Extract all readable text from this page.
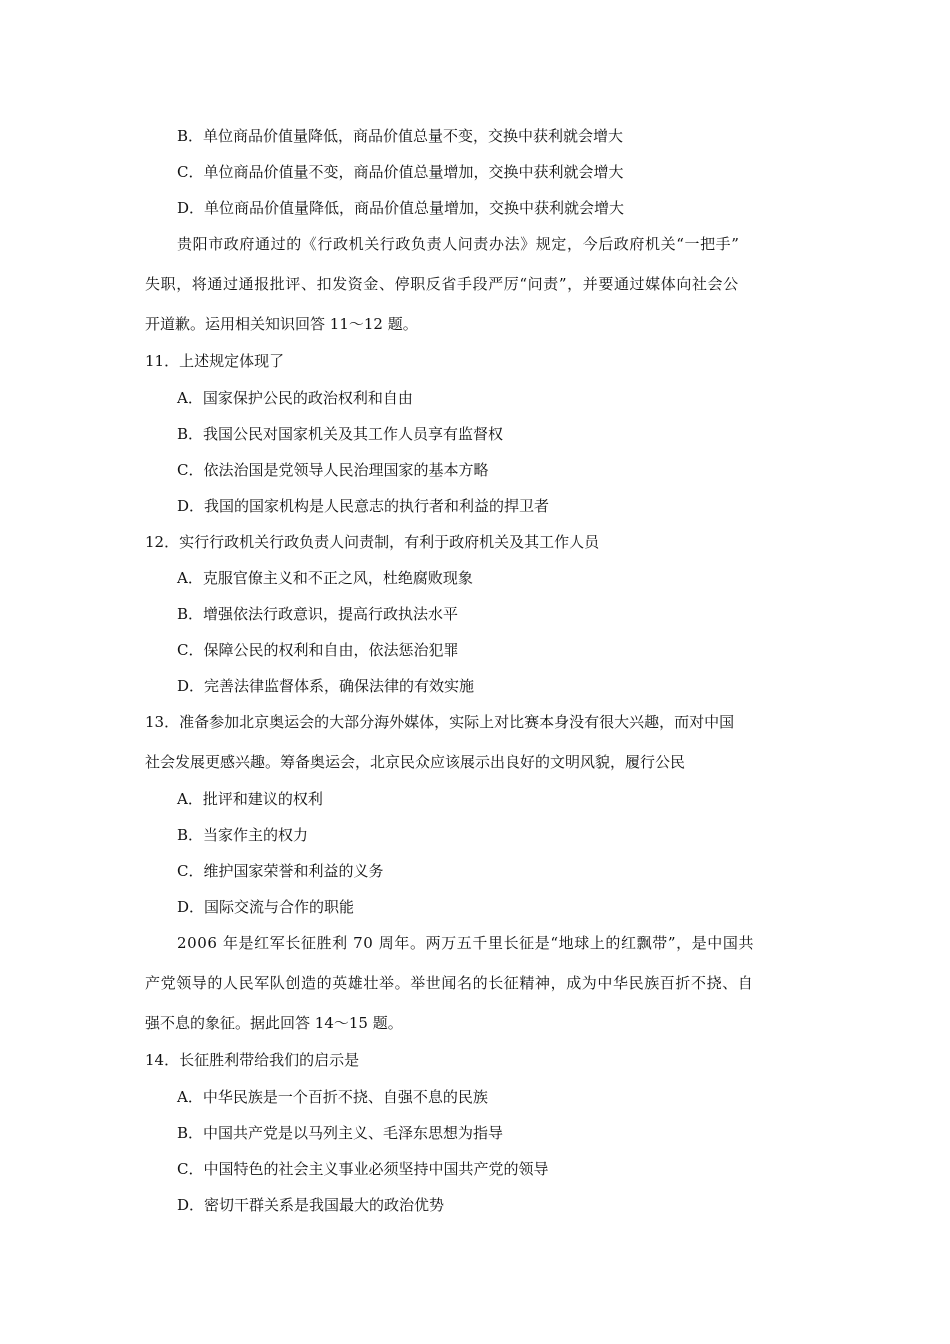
B．单位商品价值量降低，商品价值总量不变，交换中获利就会增大
C．单位商品价值量不变，商品价值总量增加，交换中获利就会增大
D．单位商品价值量降低，商品价值总量增加，交换中获利就会增大
贵阳市政府通过的《行政机关行政负责人问责办法》规定，今后政府机关“一把手”
失职，将通过通报批评、扣发资金、停职反省手段严厉“问责”，并要通过媒体向社会公
开道歉。运用相关知识回答 11～12 题。
11．上述规定体现了
A．国家保护公民的政治权利和自由
B．我国公民对国家机关及其工作人员享有监督权
C．依法治国是党领导人民治理国家的基本方略
D．我国的国家机构是人民意志的执行者和利益的捍卫者
12．实行行政机关行政负责人问责制，有利于政府机关及其工作人员
A．克服官僚主义和不正之风，杜绝腐败现象
B．增强依法行政意识，提高行政执法水平
C．保障公民的权利和自由，依法惩治犯罪
D．完善法律监督体系，确保法律的有效实施
13．准备参加北京奥运会的大部分海外媒体，实际上对比赛本身没有很大兴趣，而对中国
社会发展更感兴趣。筹备奥运会，北京民众应该展示出良好的文明风貌，履行公民
A．批评和建议的权利
B．当家作主的权力
C．维护国家荣誉和利益的义务
D．国际交流与合作的职能
2006 年是红军长征胜利 70 周年。两万五千里长征是“地球上的红飘带”，是中国共
产党领导的人民军队创造的英雄壮举。举世闻名的长征精神，成为中华民族百折不挠、自
强不息的象征。据此回答 14～15 题。
14．长征胜利带给我们的启示是
A．中华民族是一个百折不挠、自强不息的民族
B．中国共产党是以马列主义、毛泽东思想为指导
C．中国特色的社会主义事业必须坚持中国共产党的领导
D．密切干群关系是我国最大的政治优势
